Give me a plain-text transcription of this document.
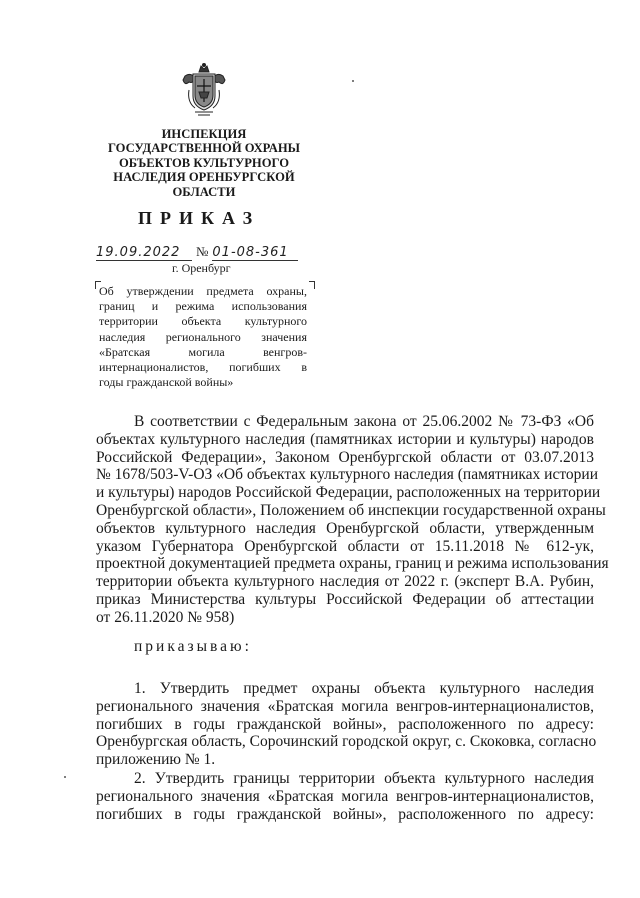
ИНСПЕКЦИЯ
ГОСУДАРСТВЕННОЙ ОХРАНЫ
ОБЪЕКТОВ КУЛЬТУРНОГО
НАСЛЕДИЯ ОРЕНБУРГСКОЙ
ОБЛАСТИ
ПРИКАЗ
19.09.2022 № 01-08-361
г. Оренбург
Об утверждении предмета охраны,
границ и режима использования
территории объекта культурного
наследия регионального значения
«Братская могила венгров-
интернационалистов, погибших в
годы гражданской войны»
В соответствии с Федеральным закона от 25.06.2002 № 73-ФЗ «Об
объектах культурного наследия (памятниках истории и культуры) народов
Российской Федерации», Законом Оренбургской области от 03.07.2013
№ 1678/503-V-ОЗ «Об объектах культурного наследия (памятниках истории
и культуры) народов Российской Федерации, расположенных на территории
Оренбургской области», Положением об инспекции государственной охраны
объектов культурного наследия Оренбургской области, утвержденным
указом Губернатора Оренбургской области от 15.11.2018 № 612-ук,
проектной документацией предмета охраны, границ и режима использования
территории объекта культурного наследия от 2022 г. (эксперт В.А. Рубин,
приказ Министерства культуры Российской Федерации об аттестации
от 26.11.2020 № 958)
приказываю:
1. Утвердить предмет охраны объекта культурного наследия
регионального значения «Братская могила венгров-интернационалистов,
погибших в годы гражданской войны», расположенного по адресу:
Оренбургская область, Сорочинский городской округ, с. Скоковка, согласно
приложению № 1.
2. Утвердить границы территории объекта культурного наследия
регионального значения «Братская могила венгров-интернационалистов,
погибших в годы гражданской войны», расположенного по адресу:
